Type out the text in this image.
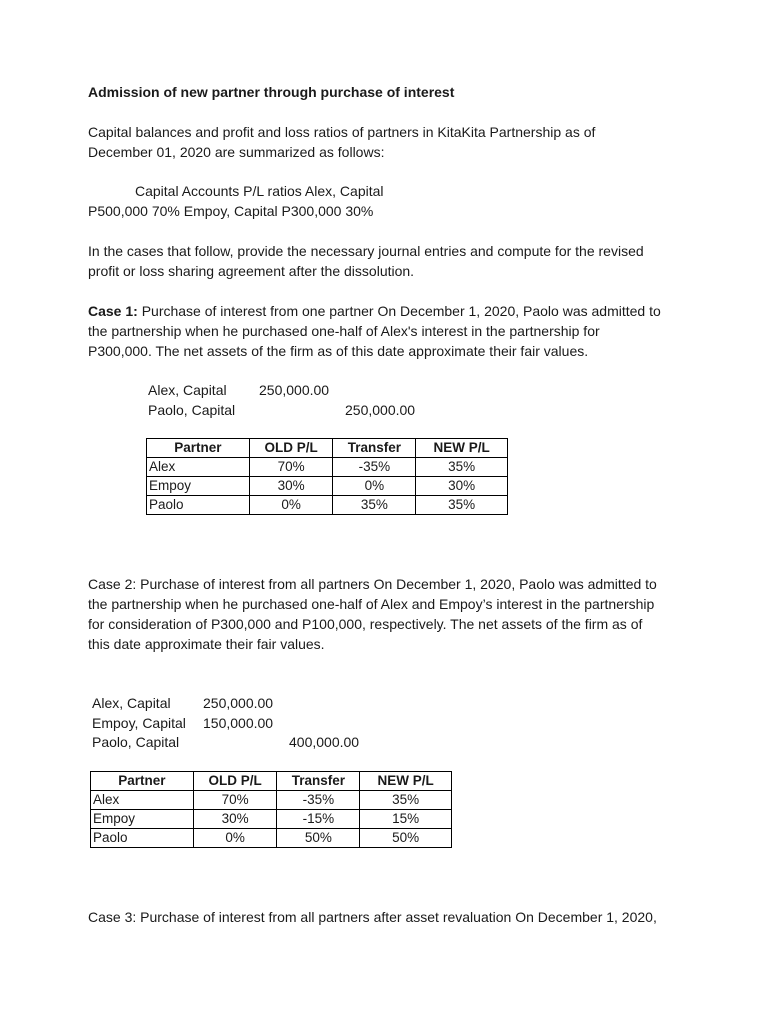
Admission of new partner through purchase of interest

Capital balances and profit and loss ratios of partners in KitaKita Partnership as of
December 01, 2020 are summarized as follows:

Capital Accounts P/L ratios Alex, Capital
P500,000 70% Empoy, Capital P300,000 30%

In the cases that follow, provide the necessary journal entries and compute for the revised
profit or loss sharing agreement after the dissolution.

Case 1: Purchase of interest from one partner On December 1, 2020, Paolo was admitted to
the partnership when he purchased one-half of Alex's interest in the partnership for
P300,000. The net assets of the firm as of this date approximate their fair values.

Alex, Capital 250,000.00
Paolo, Capital	250,000.00
Partner	OLD P/L	Transfer	NEW P/L
Alex	70%	-35%	35%
Empoy	30%	0%	30%
Paolo	0%	35%	35%

Case 2: Purchase of interest from all partners On December 1, 2020, Paolo was admitted to
the partnership when he purchased one-half of Alex and Empoy’s interest in the partnership
for consideration of P300,000 and P100,000, respectively. The net assets of the firm as of
this date approximate their fair values.

Alex, Capital 250,000.00
Empoy, Capital 150,000.00
Paolo, Capital	400,000.00
Partner	OLD P/L	Transfer	NEW P/L
Alex	70%	-35%	35%
Empoy	30%	-15%	15%
Paolo	0%	50%	50%

Case 3: Purchase of interest from all partners after asset revaluation On December 1, 2020,
